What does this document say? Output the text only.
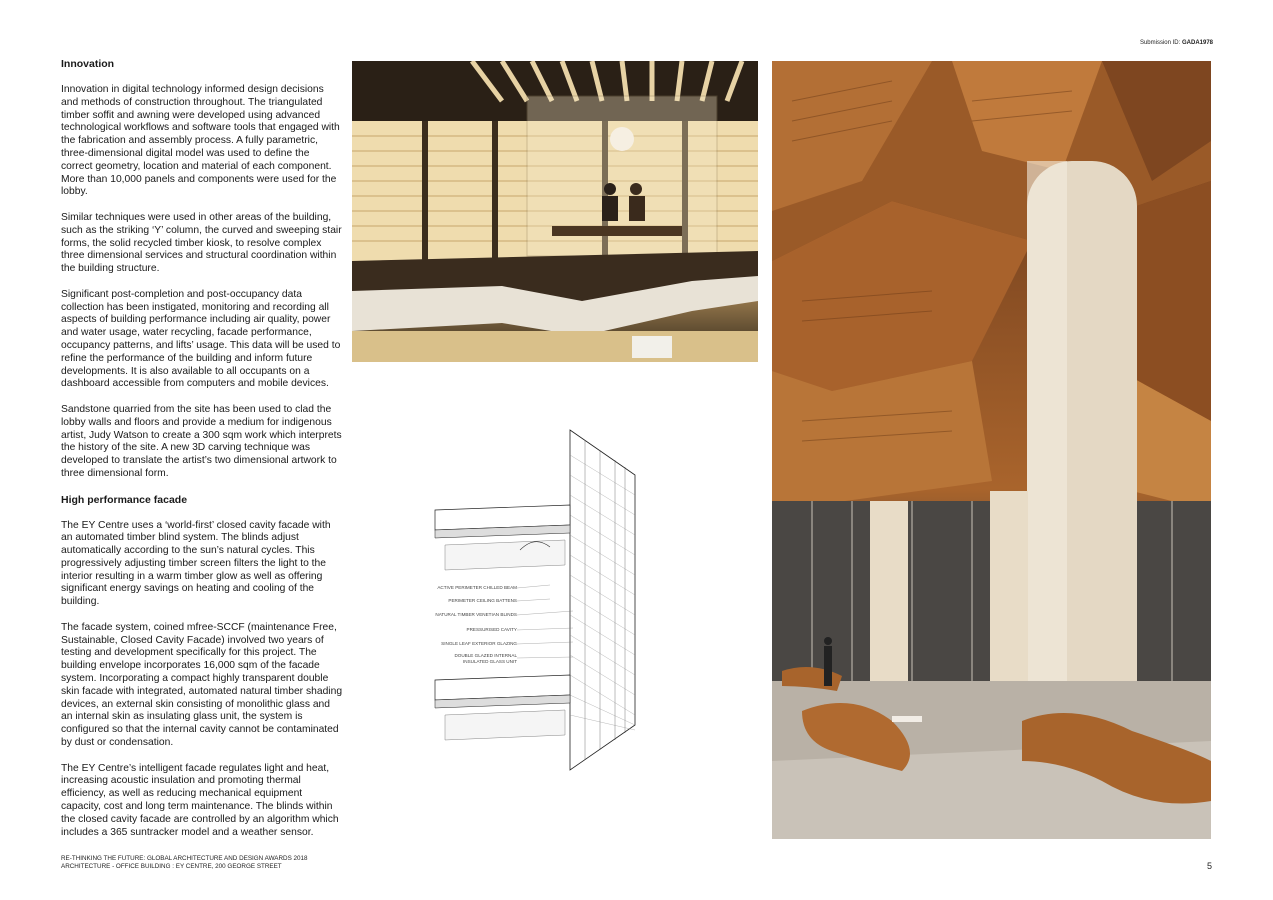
Submission ID: GADA1978
Innovation

Innovation in digital technology informed design decisions and methods of construction throughout. The triangulated timber soffit and awning were developed using advanced technological workflows and software tools that engaged with the fabrication and assembly process. A fully parametric, three-dimensional digital model was used to define the correct geometry, location and material of each component. More than 10,000 panels and components were used for the lobby.

Similar techniques were used in other areas of the building, such as the striking ‘Y’ column, the curved and sweeping stair forms, the solid recycled timber kiosk, to resolve complex three dimensional services and structural coordination within the building structure.

Significant post-completion and post-occupancy data collection has been instigated, monitoring and recording all aspects of building performance including air quality, power and water usage, water recycling, facade performance, occupancy patterns, and lifts’ usage. This data will be used to refine the performance of the building and inform future developments. It is also available to all occupants on a dashboard accessible from computers and mobile devices.

Sandstone quarried from the site has been used to clad the lobby walls and floors and provide a medium for indigenous artist, Judy Watson to create a 300 sqm work which interprets the history of the site. A new 3D carving technique was developed to translate the artist’s two dimensional artwork to three dimensional form.

High performance facade

The EY Centre uses a ‘world-first’ closed cavity facade with an automated timber blind system. The blinds adjust automatically according to the sun’s natural cycles. This progressively adjusting timber screen filters the light to the interior resulting in a warm timber glow as well as offering significant energy savings on heating and cooling of the building.

The facade system, coined mfree-SCCF (maintenance Free, Sustainable, Closed Cavity Facade) involved two years of testing and development specifically for this project. The building envelope incorporates 16,000 sqm of the facade system. Incorporating a compact highly transparent double skin facade with integrated, automated natural timber shading devices, an external skin consisting of monolithic glass and an internal skin as insulating glass unit, the system is configured so that the internal cavity cannot be contaminated by dust or condensation.

The EY Centre’s intelligent facade regulates light and heat, increasing acoustic insulation and promoting thermal efficiency, as well as reducing mechanical equipment capacity, cost and long term maintenance. The blinds within the closed cavity facade are controlled by an algorithm which includes a 365 suntracker model and a weather sensor.

ACTIVE PERIMETER CHILLED BEAM
PERIMETER CEILING BATTENS
NATURAL TIMBER VENETIAN BLINDS
PRESSURISED CAVITY
SINGLE LEAF EXTERIOR GLAZING
DOUBLE GLAZED INTERNAL
INSULATED GLASS UNIT
RE-THINKING THE FUTURE: GLOBAL ARCHITECTURE AND DESIGN AWARDS 2018
ARCHITECTURE - OFFICE BUILDING : EY CENTRE, 200 GEORGE STREET	5
